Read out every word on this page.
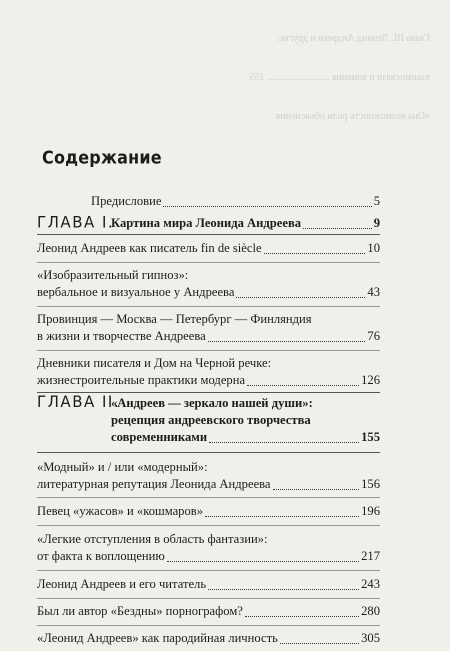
Глава III. Леонид Андреев и другие:

взаимосвязи и влияния ......................... 155

«Она возможность роли объяснения

Содержание
Предисловие	5
ГЛАВА I.
Картина мира Леонида Андреева	9
Леонид Андреев как писатель fin de siècle	10
«Изобразительный гипноз»:
вербальное и визуальное у Андреева	43
Провинция — Москва — Петербург — Финляндия
в жизни и творчестве Андреева	76
Дневники писателя и Дом на Черной речке:
жизнестроительные практики модерна	126
ГЛАВА II.
«Андреев — зеркало нашей души»:
рецепция андреевского творчества
современниками	155
«Модный» и / или «модерный»:
литературная репутация Леонида Андреева	156
Певец «ужасов» и «кошмаров»	196
«Легкие отступления в область фантазии»:
от факта к воплощению	217
Леонид Андреев и его читатель	243
Был ли автор «Бездны» порнографом?	280
«Леонид Андреев» как пародийная личность	305
